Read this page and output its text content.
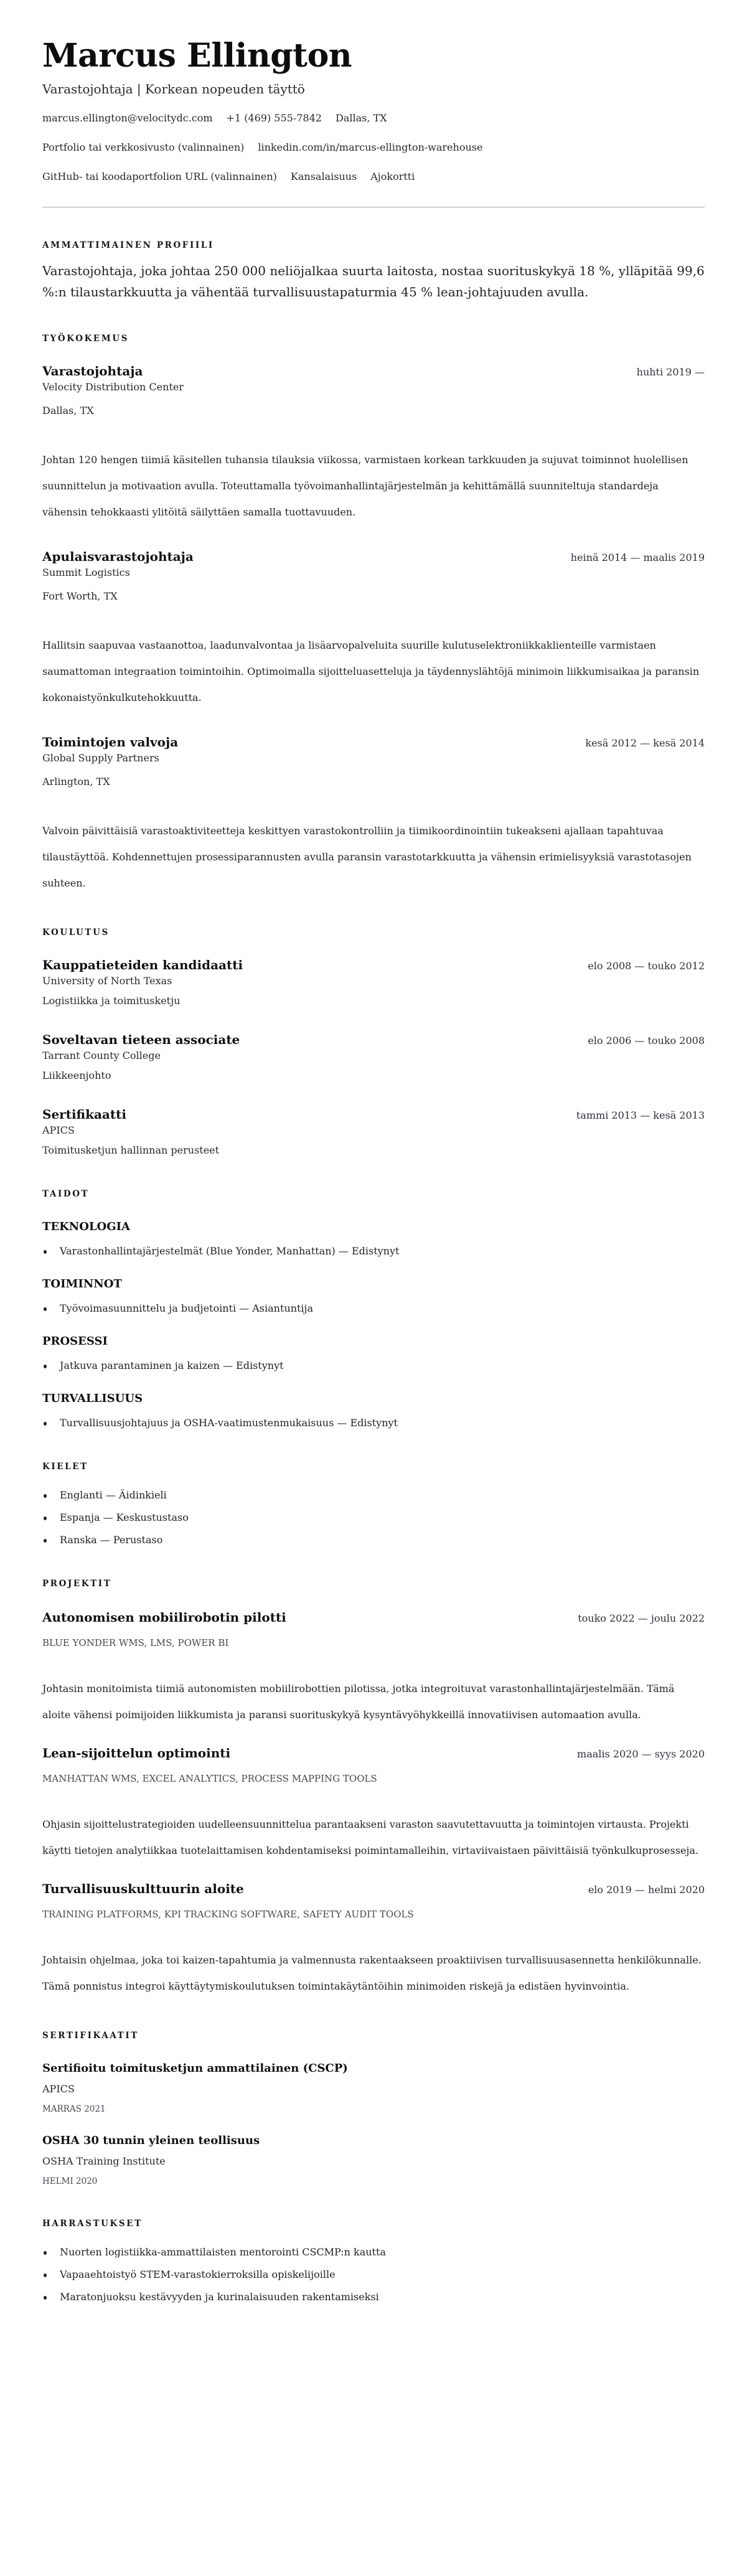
Marcus Ellington
Varastojohtaja | Korkean nopeuden täyttö
marcus.ellington@velocitydc.com +1 (469) 555-7842 Dallas, TX
Portfolio tai verkkosivusto (valinnainen) linkedin.com/in/marcus-ellington-warehouse
GitHub- tai koodaportfolion URL (valinnainen) Kansalaisuus Ajokortti
AMMATTIMAINEN PROFIILI

Varastojohtaja, joka johtaa 250 000 neliöjalkaa suurta laitosta, nostaa suorituskykyä 18 %, ylläpitää 99,6 %:n tilaustarkkuutta ja vähentää turvallisuustapaturmia 45 % lean-johtajuuden avulla.

TYÖKOKEMUS
Varastojohtaja	huhti 2019 —
Velocity Distribution Center
Dallas, TX

Johtan 120 hengen tiimiä käsitellen tuhansia tilauksia viikossa, varmistaen korkean tarkkuuden ja sujuvat toiminnot huolellisen suunnittelun ja motivaation avulla. Toteuttamalla työvoimanhallintajärjestelmän ja kehittämällä suunniteltuja standardeja vähensin tehokkaasti ylitöitä säilyttäen samalla tuottavuuden.

Apulaisvarastojohtaja	heinä 2014 — maalis 2019
Summit Logistics
Fort Worth, TX

Hallitsin saapuvaa vastaanottoa, laadunvalvontaa ja lisäarvopalveluita suurille kulutuselektroniikkaklienteille varmistaen saumattoman integraation toimintoihin. Optimoimalla sijoitteluasetteluja ja täydennyslähtöjä minimoin liikkumisaikaa ja paransin kokonaistyönkulkutehokkuutta.

Toimintojen valvoja	kesä 2012 — kesä 2014
Global Supply Partners
Arlington, TX

Valvoin päivittäisiä varastoaktiviteetteja keskittyen varastokontrolliin ja tiimikoordinointiin tukeakseni ajallaan tapahtuvaa tilaustäyttöä. Kohdennettujen prosessiparannusten avulla paransin varastotarkkuutta ja vähensin erimielisyyksiä varastotasojen suhteen.

KOULUTUS
Kauppatieteiden kandidaatti	elo 2008 — touko 2012
University of North Texas
Logistiikka ja toimitusketju
Soveltavan tieteen associate	elo 2006 — touko 2008
Tarrant County College
Liikkeenjohto
Sertifikaatti	tammi 2013 — kesä 2013
APICS
Toimitusketjun hallinnan perusteet
TAIDOT
TEKNOLOGIA
Varastonhallintajärjestelmät (Blue Yonder, Manhattan) — Edistynyt
TOIMINNOT
Työvoimasuunnittelu ja budjetointi — Asiantuntija
PROSESSI
Jatkuva parantaminen ja kaizen — Edistynyt
TURVALLISUUS
Turvallisuusjohtajuus ja OSHA-vaatimustenmukaisuus — Edistynyt
KIELET
Englanti — Äidinkieli
Espanja — Keskustustaso
Ranska — Perustaso
PROJEKTIT
Autonomisen mobiilirobotin pilotti	touko 2022 — joulu 2022
BLUE YONDER WMS, LMS, POWER BI

Johtasin monitoimista tiimiä autonomisten mobiilirobottien pilotissa, jotka integroituvat varastonhallintajärjestelmään. Tämä aloite vähensi poimijoiden liikkumista ja paransi suorituskykyä kysyntävyöhykkeillä innovatiivisen automaation avulla.

Lean-sijoittelun optimointi	maalis 2020 — syys 2020
MANHATTAN WMS, EXCEL ANALYTICS, PROCESS MAPPING TOOLS

Ohjasin sijoittelustrategioiden uudelleensuunnittelua parantaakseni varaston saavutettavuutta ja toimintojen virtausta. Projekti käytti tietojen analytiikkaa tuotelaittamisen kohdentamiseksi poimintamalleihin, virtaviivaistaen päivittäisiä työnkulkuprosesseja.

Turvallisuuskulttuurin aloite	elo 2019 — helmi 2020
TRAINING PLATFORMS, KPI TRACKING SOFTWARE, SAFETY AUDIT TOOLS

Johtaisin ohjelmaa, joka toi kaizen-tapahtumia ja valmennusta rakentaakseen proaktiivisen turvallisuusasennetta henkilökunnalle. Tämä ponnistus integroi käyttäytymiskoulutuksen toimintakäytäntöihin minimoiden riskejä ja edistäen hyvinvointia.

SERTIFIKAATIT
Sertifioitu toimitusketjun ammattilainen (CSCP)
APICS
MARRAS 2021
OSHA 30 tunnin yleinen teollisuus
OSHA Training Institute
HELMI 2020
HARRASTUKSET
Nuorten logistiikka-ammattilaisten mentorointi CSCMP:n kautta
Vapaaehtoistyö STEM-varastokierroksilla opiskelijoille
Maratonjuoksu kestävyyden ja kurinalaisuuden rakentamiseksi
